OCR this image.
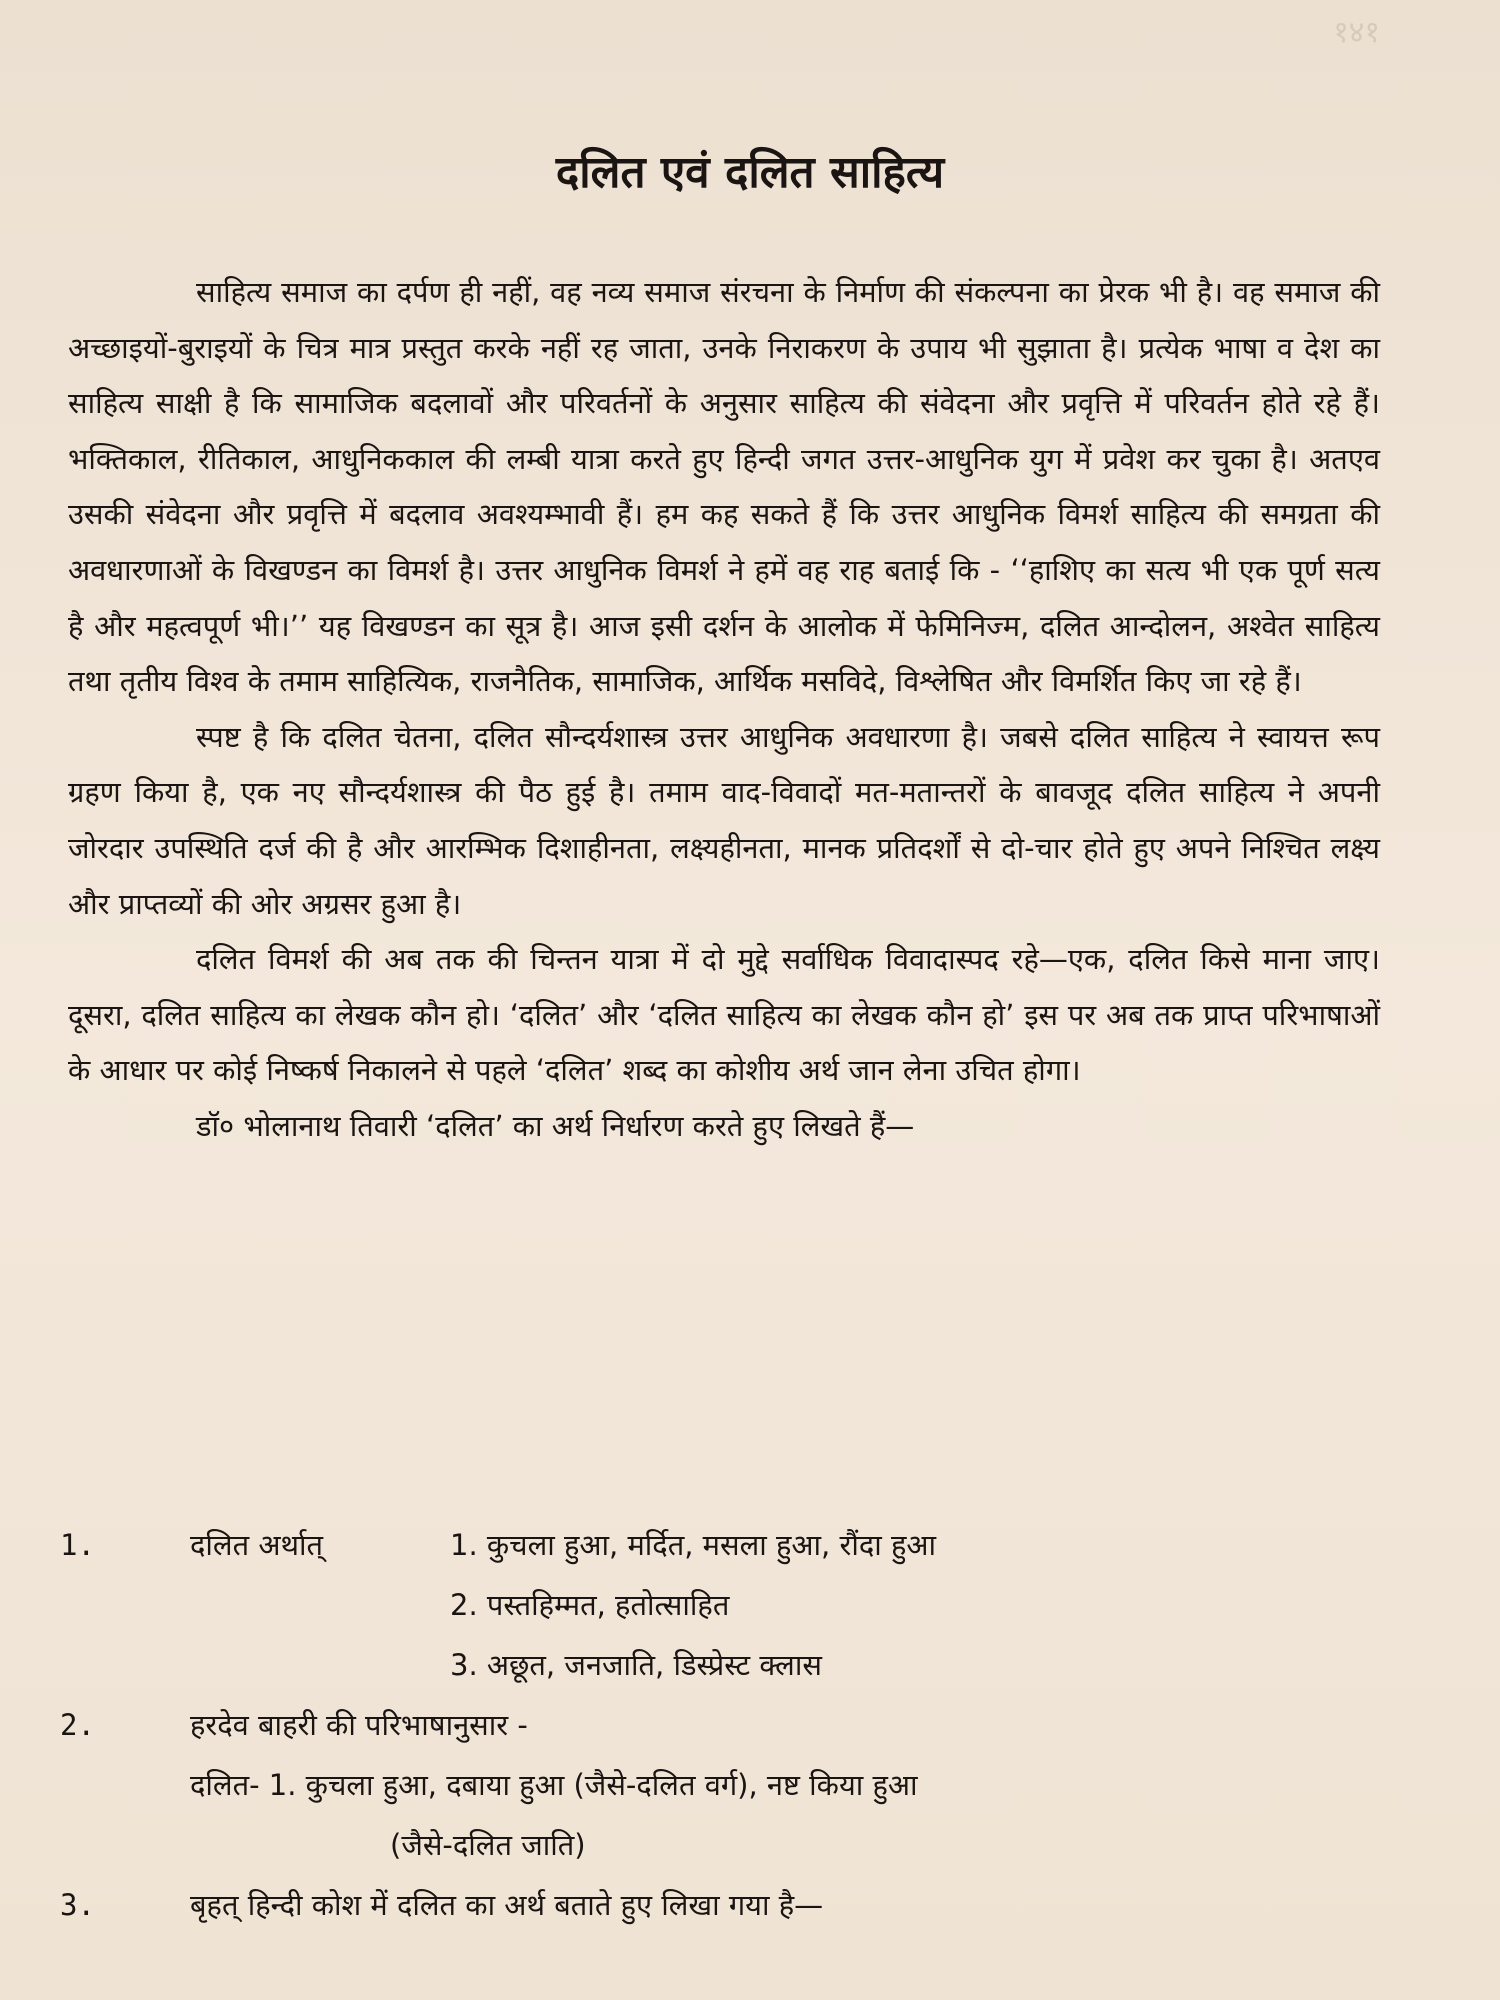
१४१
दलित एवं दलित साहित्य

साहित्य समाज का दर्पण ही नहीं, वह नव्य समाज संरचना के निर्माण की संकल्पना का प्रेरक भी है। वह समाज की अच्छाइयों-बुराइयों के चित्र मात्र प्रस्तुत करके नहीं रह जाता, उनके निराकरण के उपाय भी सुझाता है। प्रत्येक भाषा व देश का साहित्य साक्षी है कि सामाजिक बदलावों और परिवर्तनों के अनुसार साहित्य की संवेदना और प्रवृत्ति में परिवर्तन होते रहे हैं। भक्तिकाल, रीतिकाल, आधुनिककाल की लम्बी यात्रा करते हुए हिन्दी जगत उत्तर-आधुनिक युग में प्रवेश कर चुका है। अतएव उसकी संवेदना और प्रवृत्ति में बदलाव अवश्यम्भावी हैं। हम कह सकते हैं कि उत्तर आधुनिक विमर्श साहित्य की समग्रता की अवधारणाओं के विखण्डन का विमर्श है। उत्तर आधुनिक विमर्श ने हमें वह राह बताई कि - ‘‘हाशिए का सत्य भी एक पूर्ण सत्य है और महत्वपूर्ण भी।’’ यह विखण्डन का सूत्र है। आज इसी दर्शन के आलोक में फेमिनिज्म, दलित आन्दोलन, अश्वेत साहित्य तथा तृतीय विश्व के तमाम साहित्यिक, राजनैतिक, सामाजिक, आर्थिक मसविदे, विश्लेषित और विमर्शित किए जा रहे हैं।

स्पष्ट है कि दलित चेतना, दलित सौन्दर्यशास्त्र उत्तर आधुनिक अवधारणा है। जबसे दलित साहित्य ने स्वायत्त रूप ग्रहण किया है, एक नए सौन्दर्यशास्त्र की पैठ हुई है। तमाम वाद-विवादों मत-मतान्तरों के बावजूद दलित साहित्य ने अपनी जोरदार उपस्थिति दर्ज की है और आरम्भिक दिशाहीनता, लक्ष्यहीनता, मानक प्रतिदर्शों से दो-चार होते हुए अपने निश्चित लक्ष्य और प्राप्तव्यों की ओर अग्रसर हुआ है।

दलित विमर्श की अब तक की चिन्तन यात्रा में दो मुद्दे सर्वाधिक विवादास्पद रहे—एक, दलित किसे माना जाए। दूसरा, दलित साहित्य का लेखक कौन हो। ‘दलित’ और ‘दलित साहित्य का लेखक कौन हो’ इस पर अब तक प्राप्त परिभाषाओं के आधार पर कोई निष्कर्ष निकालने से पहले ‘दलित’ शब्द का कोशीय अर्थ जान लेना उचित होगा।

डॉ० भोलानाथ तिवारी ‘दलित’ का अर्थ निर्धारण करते हुए लिखते हैं—

1.	दलित अर्थात्	1. कुचला हुआ, मर्दित, मसला हुआ, रौंदा हुआ
2. पस्तहिम्मत, हतोत्साहित
3. अछूत, जनजाति, डिस्प्रेस्ट क्लास
2.	हरदेव बाहरी की परिभाषानुसार -
दलित- 1. कुचला हुआ, दबाया हुआ (जैसे-दलित वर्ग), नष्ट किया हुआ
(जैसे-दलित जाति)
3.	बृहत् हिन्दी कोश में दलित का अर्थ बताते हुए लिखा गया है—
